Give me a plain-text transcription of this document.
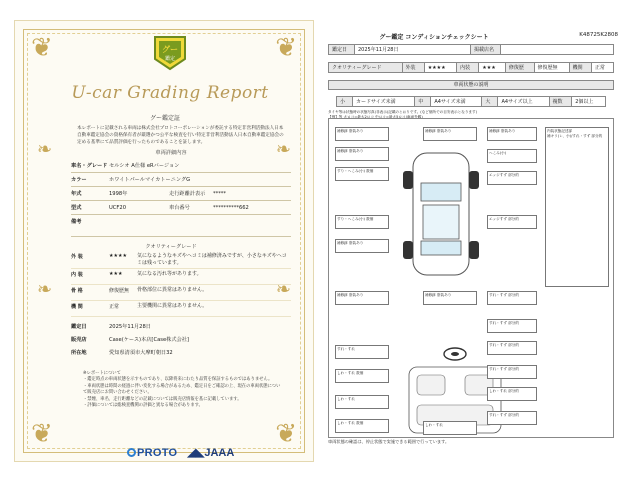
❦	❦
❦	❦
❧	❧
❧	❧
グー
鑑定
U-car Grading Report
グー鑑定証
本レポートに記載される車両は株式会社プロトコーポレーションが委託する特定非営利活動法人日本自動車鑑定協会の資格保有者が厳選かつ公平な検査を行い特定非営利活動法人日本自動車鑑定協会の定める基準にて品質評価を行ったものであることを証します。
車両詳細内容
車名・グレード セルシオ A仕様 eRバージョン
カラー	ホワイトパールマイカトーニングG
年式	1998年	走行距離計表示	*****
型式	UCF20	車台番号	**********662
備考
クオリティーグレード
外 装	★★★★	気になるようなキズやヘコミは補修済みですが、小さなキズやヘコミは残っています。
内 装	★★★	気になる汚れ等があります。
骨 格	修復歴無	骨格部位に異常はありません。
機 関	正常	主要機関に異常はありません。
鑑定日	2025年11月28日
販売店	Case(ケース)本店[Case株式会社]
所在地	愛知県清須市大摩町朝日32
※レポートについて
・鑑定時点の車両状態を示すものであり、以降将来にわたり品質を保証するものではありません。
・車両状態は時間の経過に伴い変化する場合があるため、鑑定日をご確認の上、現在の車両状態について販売店にお問い合わせください。
・禁煙、車名、走行距離などの記載については販売店情報を基に記載しています。
・評価については総検査機関の評価と異なる場合があります。
PROTO ◢◣JAAA
グー鑑定 コンディションチェックシート	K48725K2808
鑑定日	2025年11月28日	掲載店名	
クオリティーグレード	外装	★★★★	内装	★★★	修復歴	修復歴無	機関	正常
車両状態の説明
小	カードサイズ未満	中	A4サイズ未満	大	A4サイズ以上	複数	2個以上
タイヤ等は状態時の状態写真(非表示)記載のとおりです。(など個所での目安表示となります)
【例】等 大ロコ=最大2ロコ 中ロコ=最大5ロコ(車両外観)
補修跡 塗装あり	補修跡 塗装あり	補修跡 塗装あり
すり・へこみ(小) 数個
へこみ(小)
補修跡 塗装あり
すり・へこみ(小) 数個
エッジすず 部分的
補修跡 塗装あり
補修跡 塗装あり
エッジすず 部分的
補修跡 塗装あり	すれ・すず 部分的
すれ・すず 部分的
すれ・すず 部分的
すれ・すれ
しわ・すれ 数個
すれ・すず 部分的
しわ・すれ 部分的
しわ・すれ
すれ・すず 部分的
しわ・すれ 数個	しわ・すれ
内装状態記述部
補キリ(レ、小)/すれ・すず 部分的
車両状態の確認は、停止状態で実施できる範囲で行っています。
